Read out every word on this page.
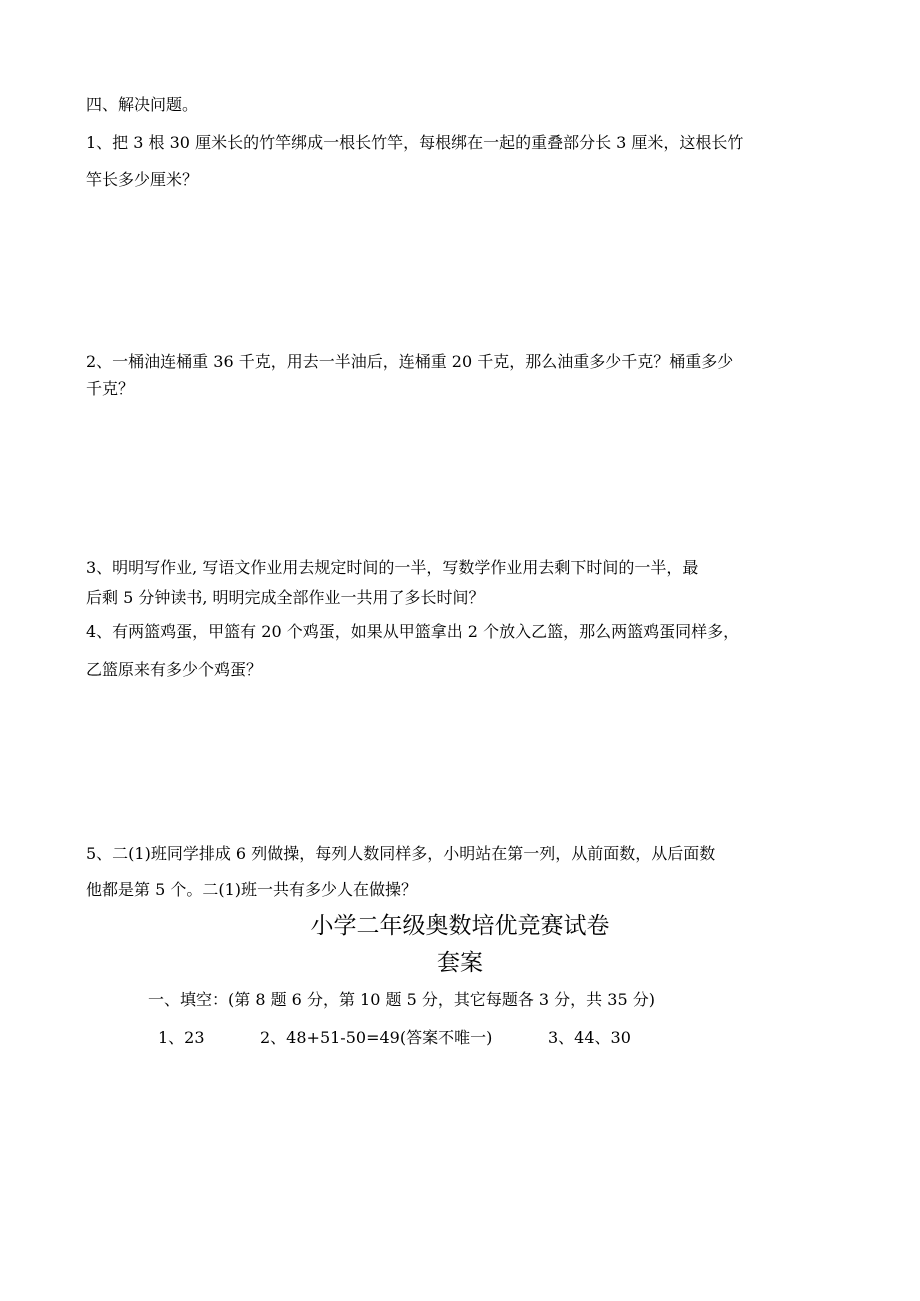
四、解决问题。
1、把 3 根 30 厘米长的竹竿绑成一根长竹竿，每根绑在一起的重叠部分长 3 厘米，这根长竹
竿长多少厘米？
2、一桶油连桶重 36 千克，用去一半油后，连桶重 20 千克，那么油重多少千克？桶重多少
千克？
3、明明写作业, 写语文作业用去规定时间的一半，写数学作业用去剩下时间的一半，最
后剩 5 分钟读书, 明明完成全部作业一共用了多长时间？
4、有两篮鸡蛋，甲篮有 20 个鸡蛋，如果从甲篮拿出 2 个放入乙篮，那么两篮鸡蛋同样多，
乙篮原来有多少个鸡蛋？
5、二(1)班同学排成 6 列做操，每列人数同样多，小明站在第一列，从前面数，从后面数
他都是第 5 个。二(1)班一共有多少人在做操？
小学二年级奥数培优竞赛试卷
套案
一、填空：(第 8 题 6 分，第 10 题 5 分，其它每题各 3 分，共 35 分)
1、23	2、48+51-50=49(答案不唯一)	3、44、30
